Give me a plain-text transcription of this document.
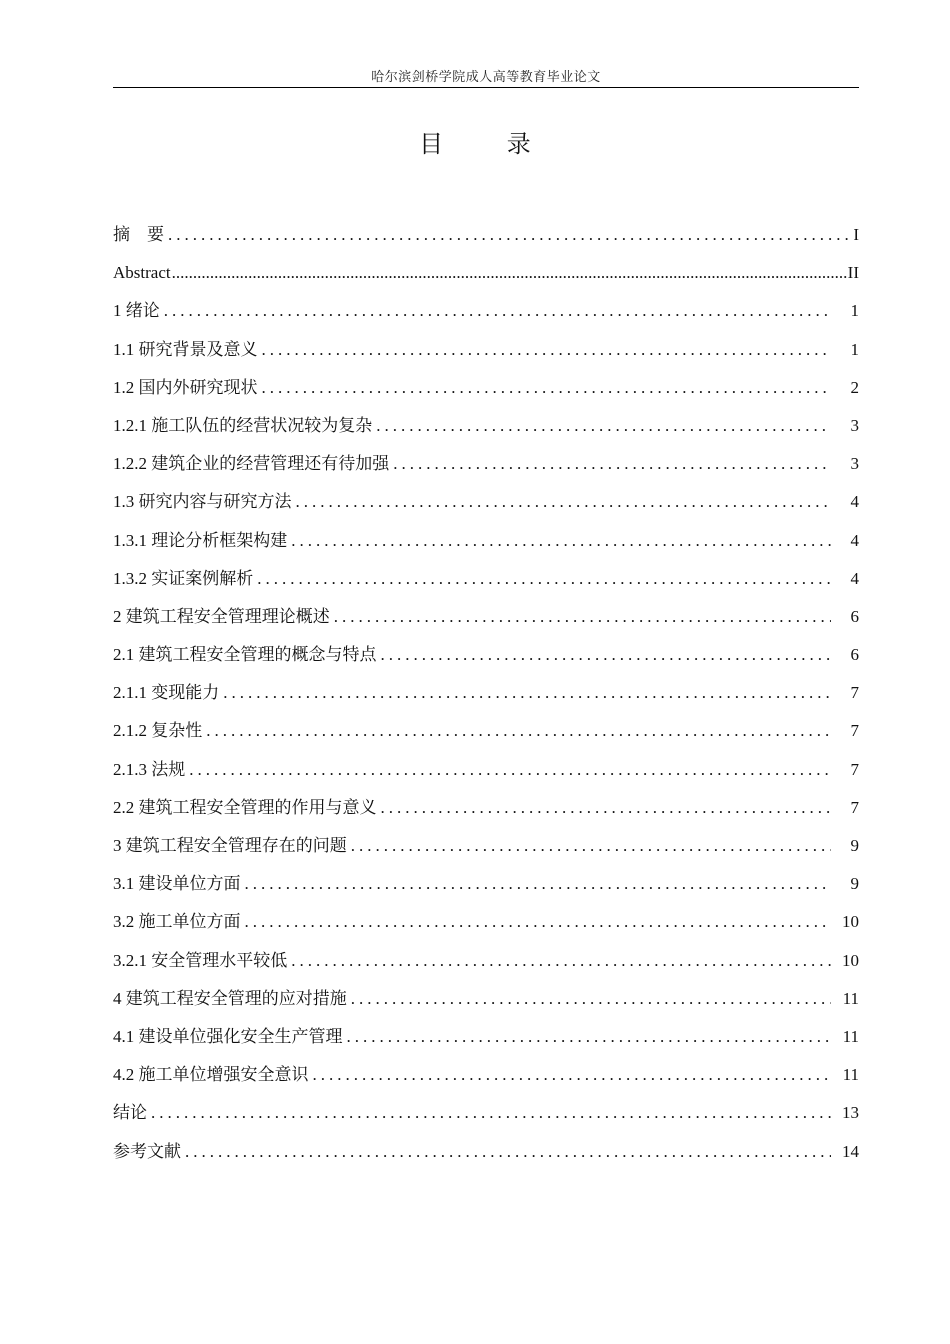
哈尔滨剑桥学院成人高等教育毕业论文
目 录
摘　要 .....	I
Abstract .....	II
1 绪论 .....	1
1.1 研究背景及意义 .....	1
1.2 国内外研究现状 .....	2
1.2.1 施工队伍的经营状况较为复杂 .....	3
1.2.2 建筑企业的经营管理还有待加强 .....	3
1.3 研究内容与研究方法 .....	4
1.3.1 理论分析框架构建 .....	4
1.3.2 实证案例解析 .....	4
2 建筑工程安全管理理论概述 .....	6
2.1 建筑工程安全管理的概念与特点 .....	6
2.1.1 变现能力 .....	7
2.1.2 复杂性 .....	7
2.1.3 法规 .....	7
2.2 建筑工程安全管理的作用与意义 .....	7
3 建筑工程安全管理存在的问题 .....	9
3.1 建设单位方面 .....	9
3.2 施工单位方面 .....	10
3.2.1 安全管理水平较低 .....	10
4 建筑工程安全管理的应对措施 .....	11
4.1 建设单位强化安全生产管理 .....	11
4.2 施工单位增强安全意识 .....	11
结论 .....	13
参考文献 .....	14
